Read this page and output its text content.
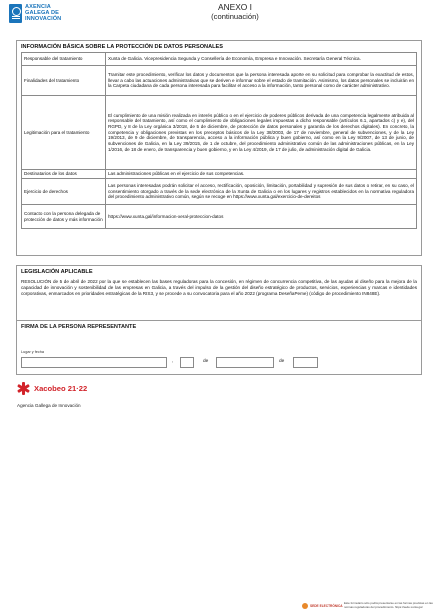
AXENCIA
GALEGA DE
INNOVACIÓN
ANEXO I
(continuación)
INFORMACIÓN BÁSICA SOBRE LA PROTECCIÓN DE DATOS PERSONALES
Responsable del tratamiento	Xunta de Galicia. Vicepresidencia Segunda y Consellería de Economía, Empresa e Innovación. Secretaría General Técnica.
Finalidades del tratamiento	Tramitar este procedimiento, verificar los datos y documentos que la persona interesada aporte en su solicitud para comprobar la exactitud de estos, llevar a cabo las actuaciones administrativas que se deriven e informar sobre el estado de tramitación. Asimismo, los datos personales se incluirán en la Carpeta ciudadana de cada persona interesada para facilitar el acceso a la información, tanto personal como de carácter administrativo.
Legitimación para el tratamiento	El cumplimiento de una misión realizada en interés público o en el ejercicio de poderes públicos derivada de una competencia legalmente atribuida al responsable del tratamiento, así como el cumplimiento de obligaciones legales impuestas a dicho responsable (artículos 6.1, apartados c) y e), del RGPD, y 8 de la Ley orgánica 3/2018, de 5 de diciembre, de protección de datos personales y garantía de los derechos digitales). En concreto, la competencia y obligaciones previstas en los preceptos básicos de la Ley 38/2003, de 17 de noviembre, general de subvenciones, y de la Ley 19/2013, de 9 de diciembre, de transparencia, acceso a la información pública y buen gobierno, así como en la Ley 9/2007, de 13 de junio, de subvenciones de Galicia, en la Ley 39/2015, de 1 de octubre, del procedimiento administrativo común de las administraciones públicas, en la Ley 1/2016, de 18 de enero, de transparencia y buen gobierno, y en la Ley 4/2019, de 17 de julio, de administración digital de Galicia.
Destinatarios de los datos	Las administraciones públicas en el ejercicio de sus competencias.
Ejercicio de derechos	Las personas interesadas podrán solicitar el acceso, rectificación, oposición, limitación, portabilidad y supresión de sus datos o retirar, en su caso, el consentimiento otorgado a través de la sede electrónica de la Xunta de Galicia o en los lugares y registros establecidos en la normativa reguladora del procedimiento administrativo común, según se recoge en https://www.xunta.gal/exercicio-de-dereitos
Contacto con la persona delegada de protección de datos y más información	https://www.xunta.gal/informacion-xeral-proteccion-datos
LEGISLACIÓN APLICABLE
RESOLUCIÓN de 5 de abril de 2022 por la que se establecen las bases reguladoras para la concesión, en régimen de concurrencia competitiva, de las ayudas al diseño para la mejora de la capacidad de innovación y sostenibilidad de las empresas en Galicia, a través del impulso de la gestión del diseño estratégico de productos, servicios, experiencias y marcas e identidades corporativas, enmarcados en prioridades estratégicas de la RIS3, y se procede a su convocatoria para el año 2022 (programa DeseñaPeme) (código de procedimiento IN848E).
FIRMA DE LA PERSONA REPRESENTANTE
Lugar y fecha
,	de	de
Xacobeo 21·22
Agencia Gallega de Innovación
SEDE ELECTRÓNICA
Este formulario sólo podrá presentarse en las formas previstas en las normas reguladoras del procedimiento. https://sede.xunta.gal
